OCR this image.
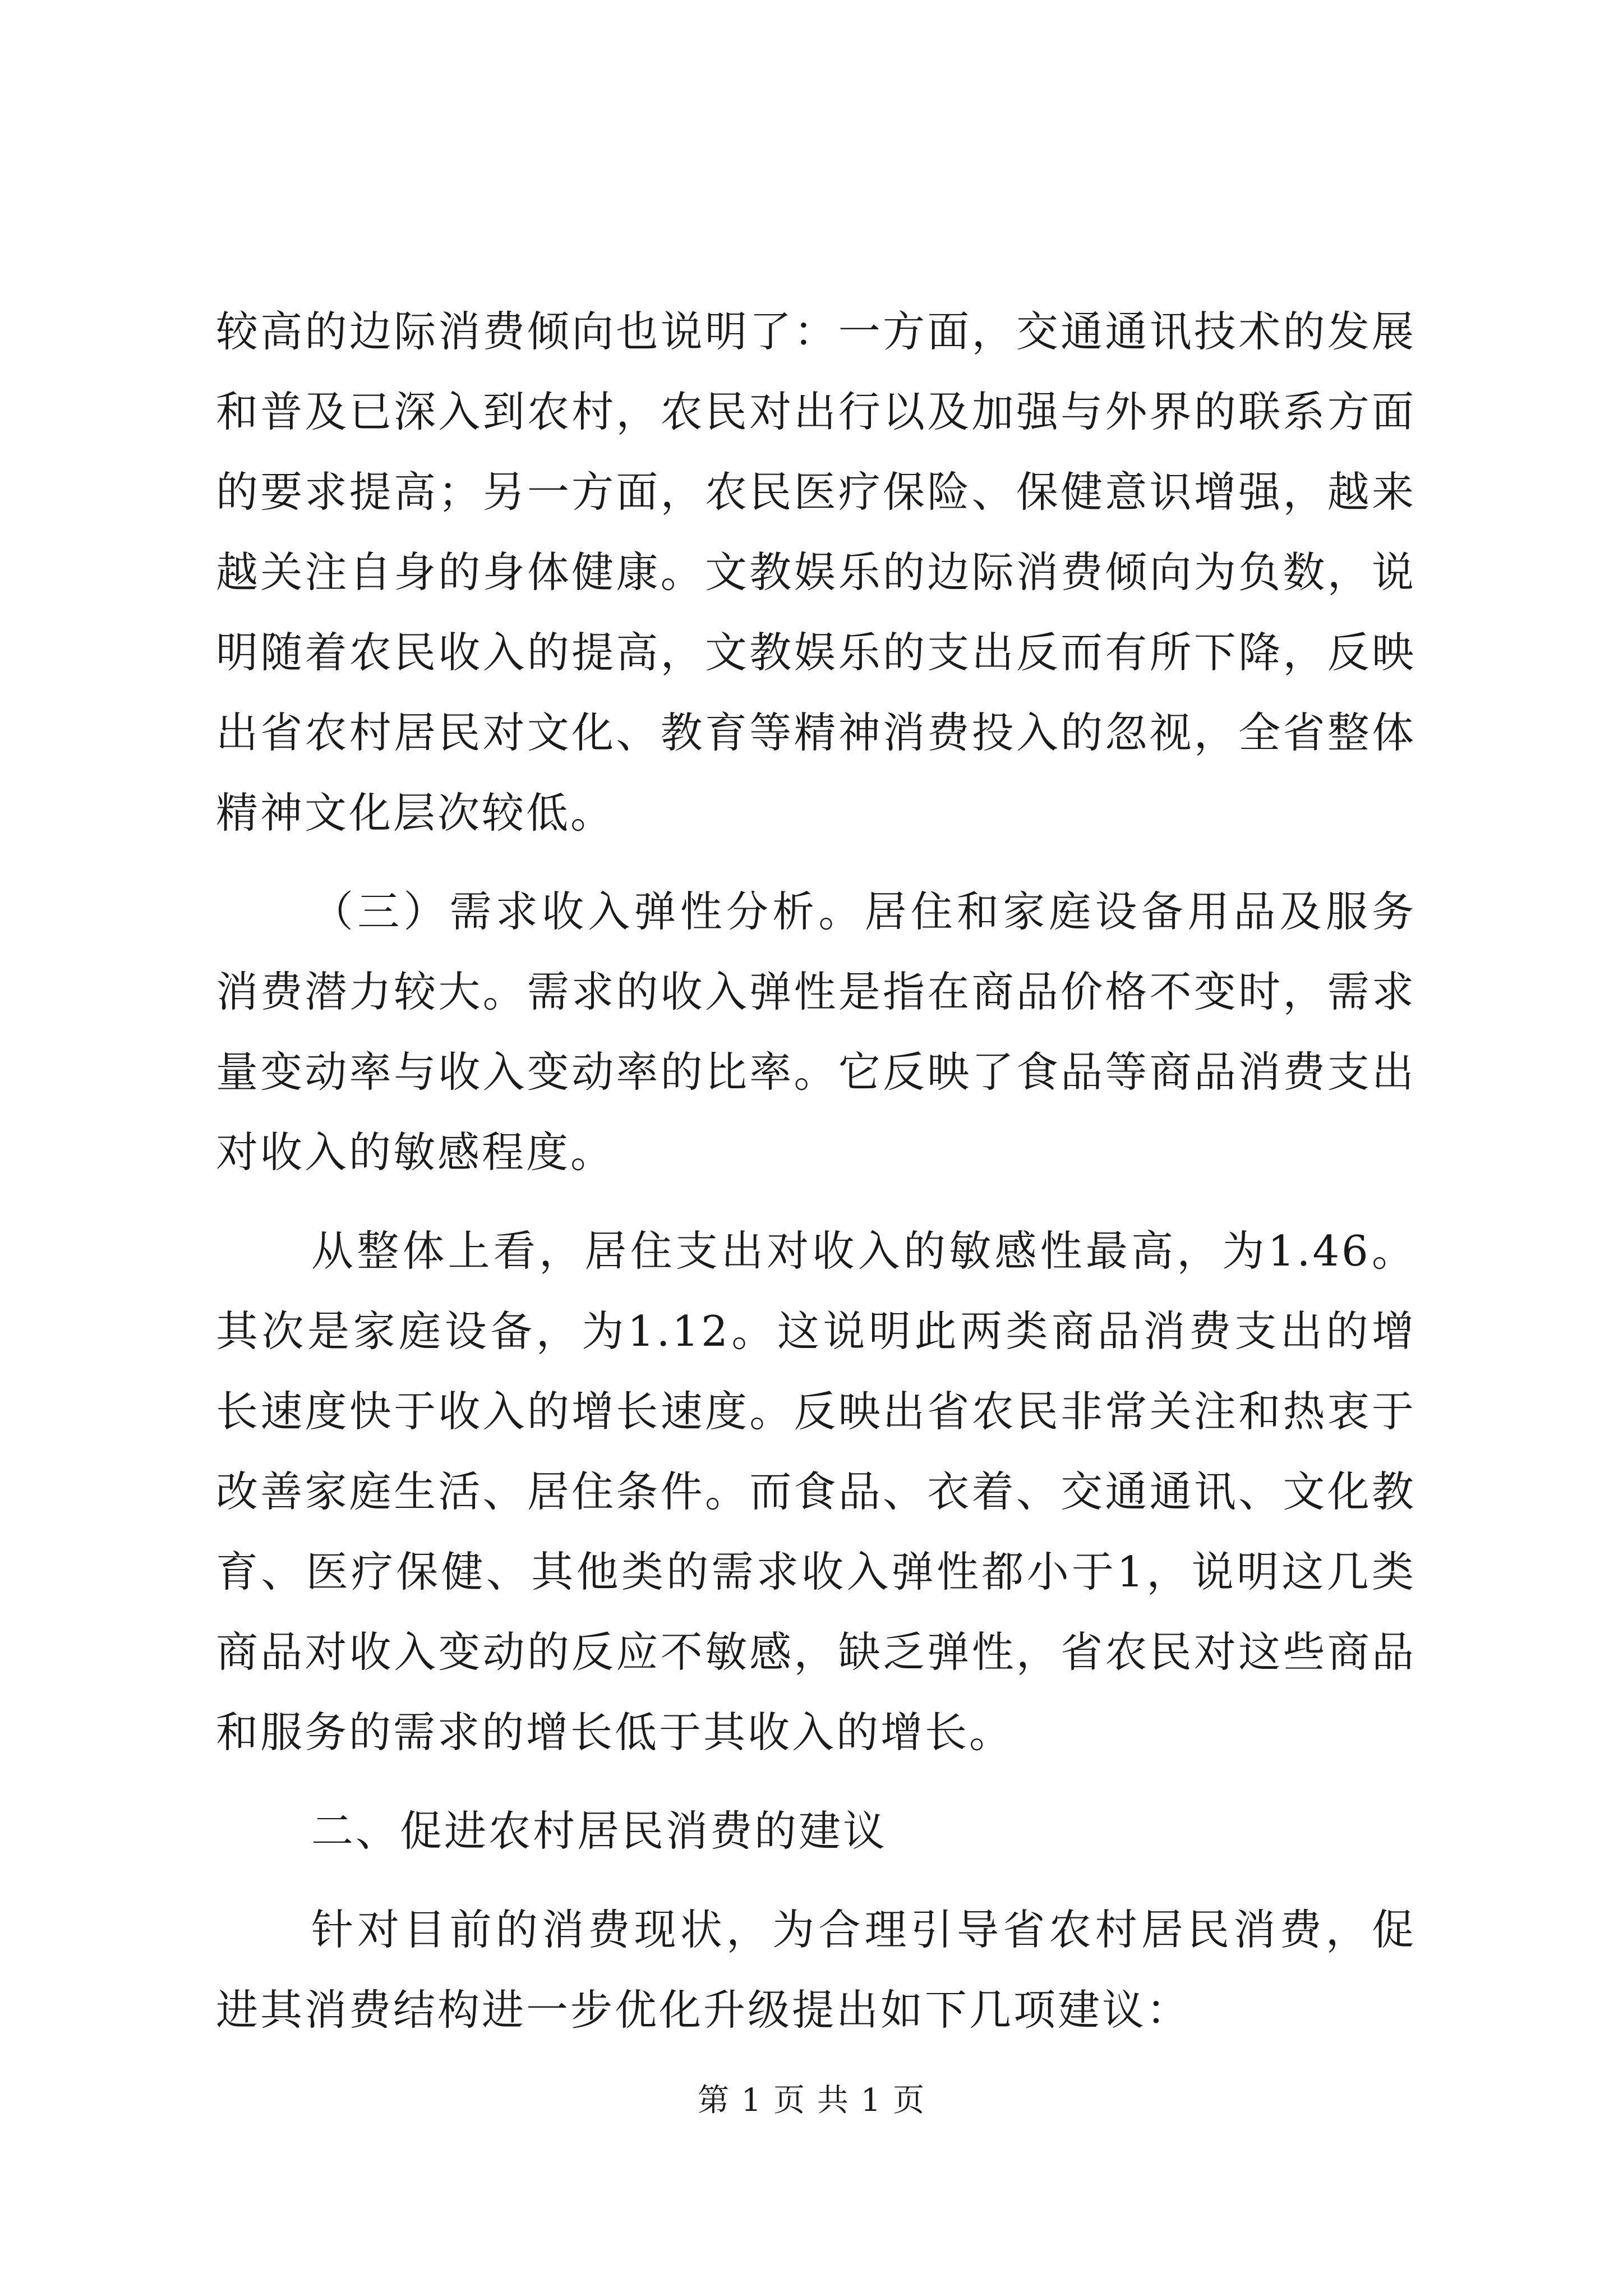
较高的边际消费倾向也说明了：一方面，交通通讯技术的发展和普及已深入到农村，农民对出行以及加强与外界的联系方面的要求提高；另一方面，农民医疗保险、保健意识增强，越来越关注自身的身体健康。文教娱乐的边际消费倾向为负数，说明随着农民收入的提高，文教娱乐的支出反而有所下降，反映出省农村居民对文化、教育等精神消费投入的忽视，全省整体精神文化层次较低。

（三）需求收入弹性分析。居住和家庭设备用品及服务消费潜力较大。需求的收入弹性是指在商品价格不变时，需求量变动率与收入变动率的比率。它反映了食品等商品消费支出对收入的敏感程度。

从整体上看，居住支出对收入的敏感性最高，为1.46。其次是家庭设备，为1.12。这说明此两类商品消费支出的增长速度快于收入的增长速度。反映出省农民非常关注和热衷于改善家庭生活、居住条件。而食品、衣着、交通通讯、文化教育、医疗保健、其他类的需求收入弹性都小于1，说明这几类商品对收入变动的反应不敏感，缺乏弹性，省农民对这些商品和服务的需求的增长低于其收入的增长。

二、促进农村居民消费的建议

针对目前的消费现状，为合理引导省农村居民消费，促进其消费结构进一步优化升级提出如下几项建议：

第 1 页 共 1 页
